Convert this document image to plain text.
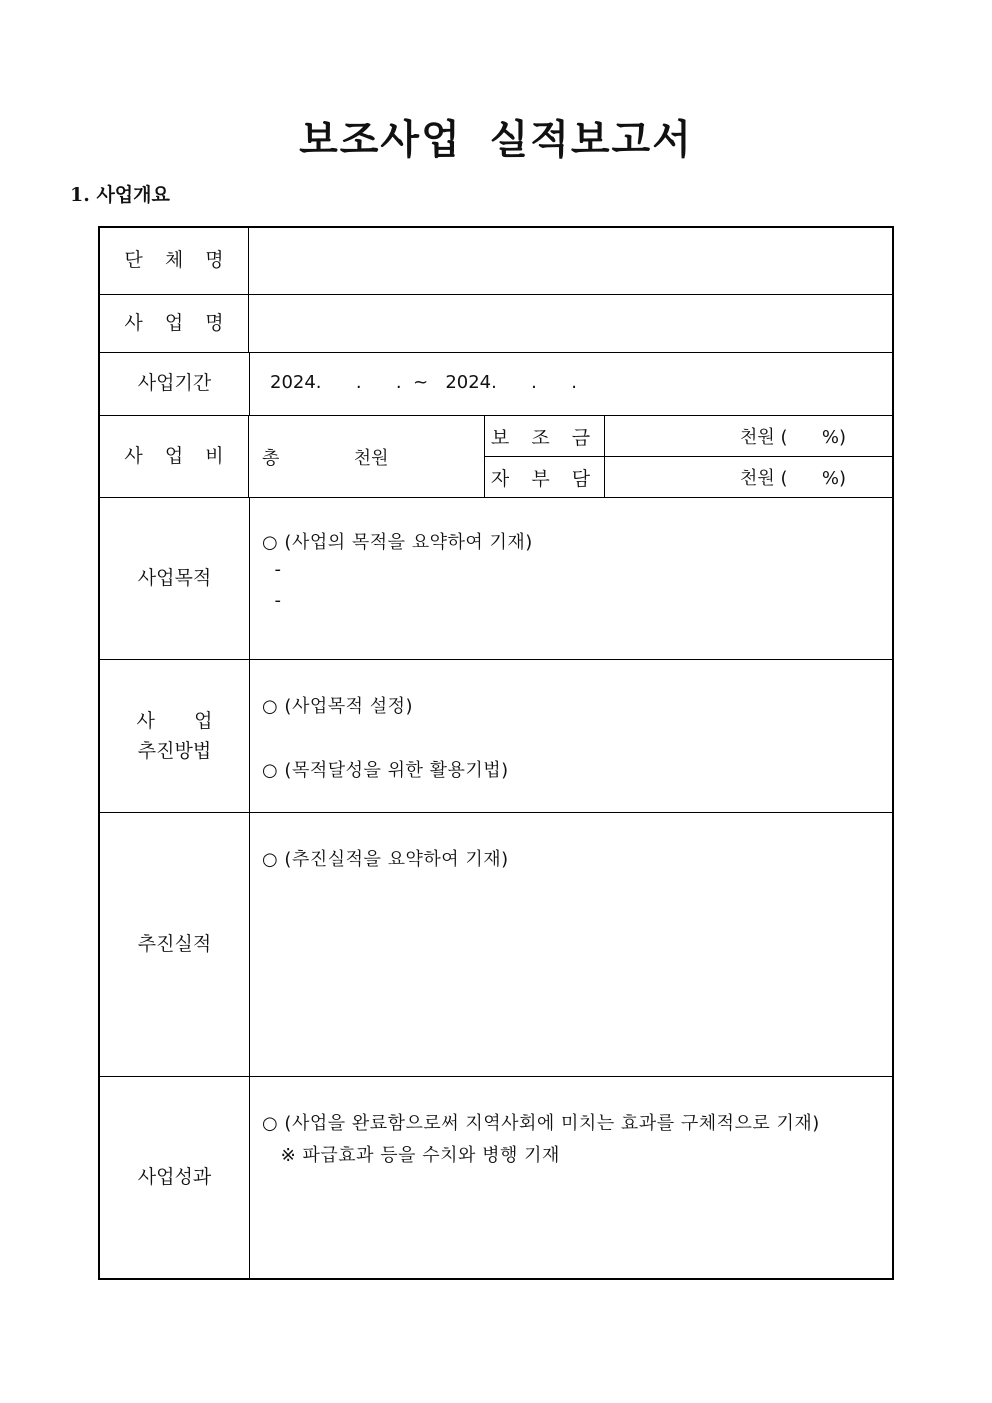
보조사업 실적보고서
1. 사업개요
단 체 명
사 업 명
사업기간	2024.      .      .  ~   2024.      .      .
사 업 비	총             천원
보 조 금
자 부 담
천원 (      %)
천원 (      %)
사업목적
○ (사업의 목적을 요약하여 기재)
-
-
사 업
추진방법
○ (사업목적 설정)
○ (목적달성을 위한 활용기법)
추진실적
○ (추진실적을 요약하여 기재)
사업성과
○ (사업을 완료함으로써 지역사회에 미치는 효과를 구체적으로 기재)
※ 파급효과 등을 수치와 병행 기재
